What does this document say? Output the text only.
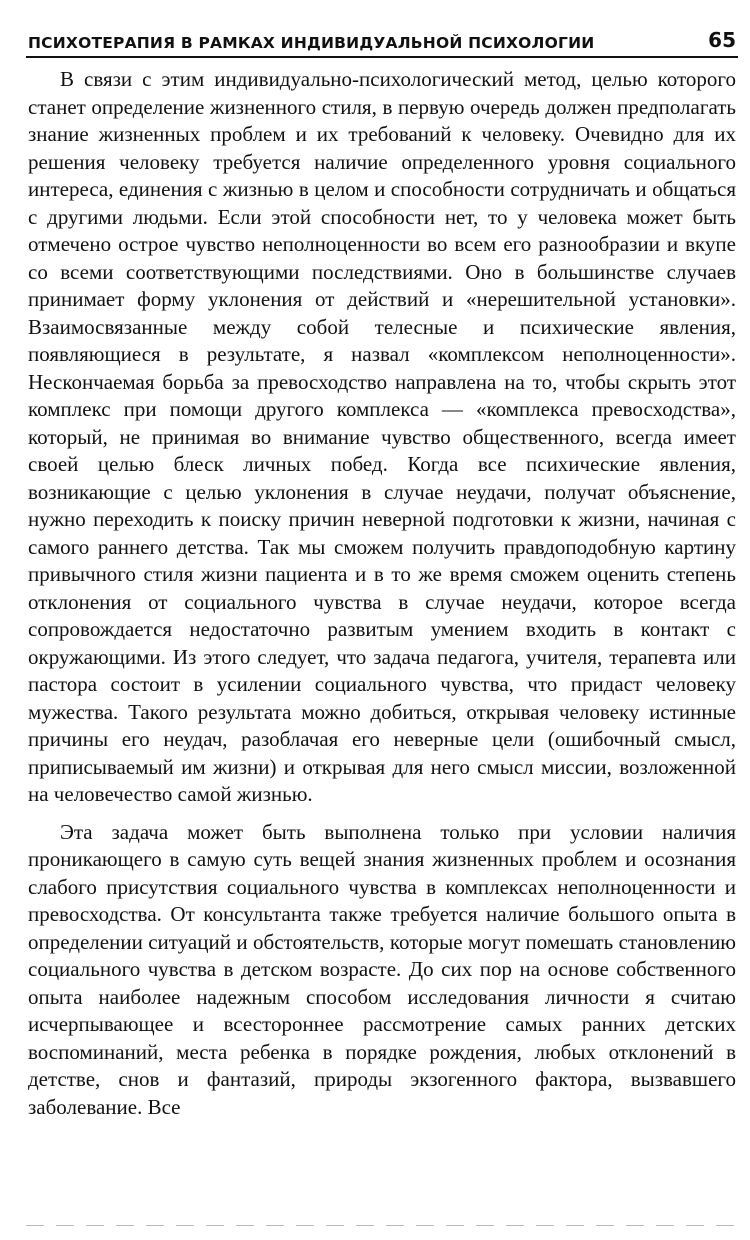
ПСИХОТЕРАПИЯ В РАМКАХ ИНДИВИДУАЛЬНОЙ ПСИХОЛОГИИ	65

В связи с этим индивидуально-психологический метод, целью которого станет определение жизненного стиля, в первую очередь должен предполагать знание жизненных проблем и их требований к человеку. Очевидно для их решения человеку требуется наличие определенного уровня социального интереса, единения с жизнью в целом и способности сотрудничать и общаться с другими людьми. Если этой способности нет, то у человека может быть отмечено острое чувство неполноценности во всем его разнообразии и вкупе со всеми соответствующими последствиями. Оно в большинстве случаев принимает форму уклонения от действий и «нерешительной установки». Взаимосвязанные между собой телесные и психические явления, появляющиеся в результате, я назвал «комплексом неполноценности». Нескончаемая борьба за превосходство направлена на то, чтобы скрыть этот комплекс при помощи другого комплекса — «комплекса превосходства», который, не принимая во внимание чувство общественного, всегда имеет своей целью блеск личных побед. Когда все психические явления, возникающие с целью уклонения в случае неудачи, получат объяснение, нужно переходить к поиску причин неверной подготовки к жизни, начиная с самого раннего детства. Так мы сможем получить правдоподобную картину привычного стиля жизни пациента и в то же время сможем оценить степень отклонения от социального чувства в случае неудачи, которое всегда сопровождается недостаточно развитым умением входить в контакт с окружающими. Из этого следует, что задача педагога, учителя, терапевта или пастора состоит в усилении социального чувства, что придаст человеку мужества. Такого результата можно добиться, открывая человеку истинные причины его неудач, разоблачая его неверные цели (ошибочный смысл, приписываемый им жизни) и открывая для него смысл миссии, возложенной на человечество самой жизнью.

Эта задача может быть выполнена только при условии наличия проникающего в самую суть вещей знания жизненных проблем и осознания слабого присутствия социального чувства в комплексах неполноценности и превосходства. От консультанта также требуется наличие большого опыта в определении ситуаций и обстоятельств, которые могут помешать становлению социального чувства в детском возрасте. До сих пор на основе собственного опыта наиболее надежным способом исследования личности я считаю исчерпывающее и всестороннее рассмотрение самых ранних детских воспоминаний, места ребенка в порядке рождения, любых отклонений в детстве, снов и фантазий, природы экзогенного фактора, вызвавшего заболевание. Все
